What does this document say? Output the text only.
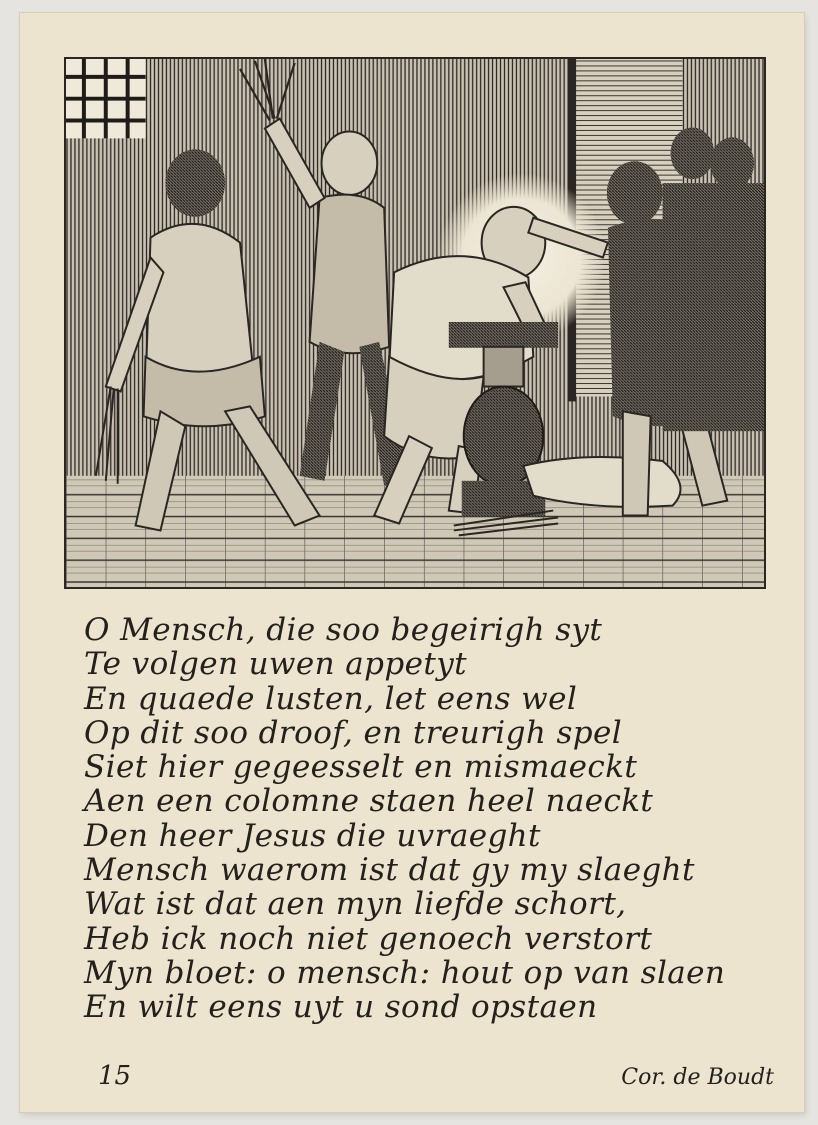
O Mensch, die soo begeirigh syt
Te volgen uwen appetyt
En quaede lusten, let eens wel
Op dit soo droof, en treurigh spel
Siet hier gegeesselt en mismaeckt
Aen een colomne staen heel naeckt
Den heer Jesus die uvraeght
Mensch waerom ist dat gy my slaeght
Wat ist dat aen myn liefde schort,
Heb ick noch niet genoech verstort
Myn bloet: o mensch: hout op van slaen
En wilt eens uyt u sond opstaen
15	Cor. de Boudt
